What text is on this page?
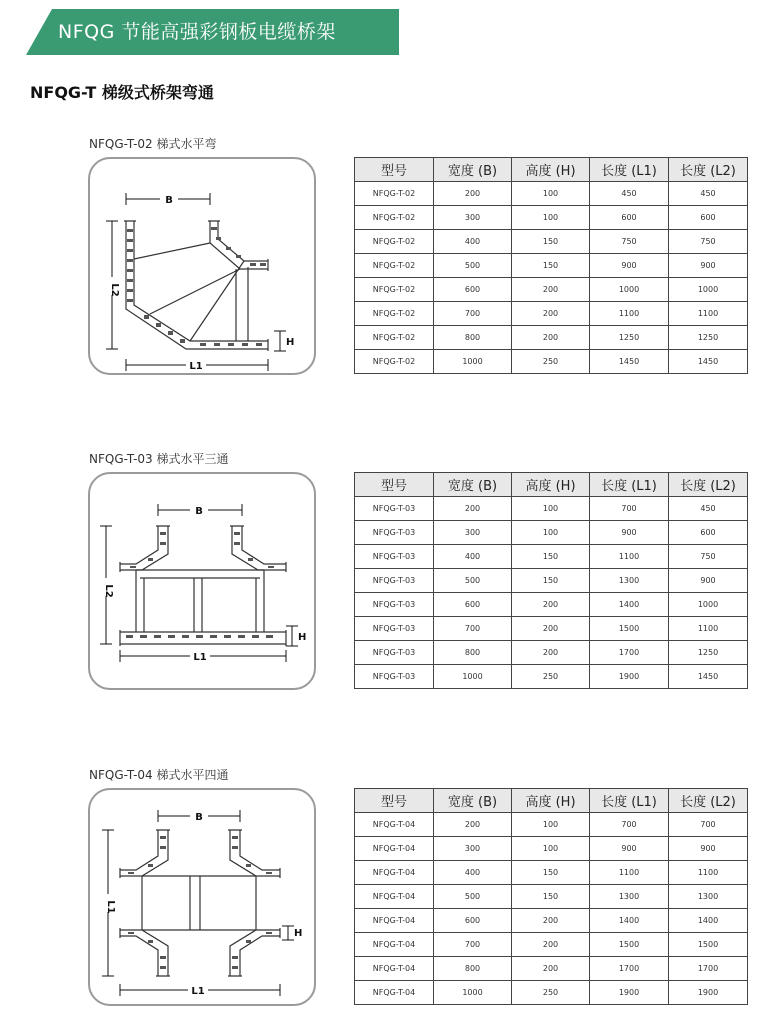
NFQG 节能高强彩钢板电缆桥架
NFQG-T 梯级式桥架弯通
NFQG-T-02 梯式水平弯
B
L2
L1
H
型号	宽度 (B)	高度 (H)	长度 (L1)	长度 (L2)
NFQG-T-02	200	100	450	450
NFQG-T-02	300	100	600	600
NFQG-T-02	400	150	750	750
NFQG-T-02	500	150	900	900
NFQG-T-02	600	200	1000	1000
NFQG-T-02	700	200	1100	1100
NFQG-T-02	800	200	1250	1250
NFQG-T-02	1000	250	1450	1450
NFQG-T-03 梯式水平三通
B
L2
L1
H
型号	宽度 (B)	高度 (H)	长度 (L1)	长度 (L2)
NFQG-T-03	200	100	700	450
NFQG-T-03	300	100	900	600
NFQG-T-03	400	150	1100	750
NFQG-T-03	500	150	1300	900
NFQG-T-03	600	200	1400	1000
NFQG-T-03	700	200	1500	1100
NFQG-T-03	800	200	1700	1250
NFQG-T-03	1000	250	1900	1450
NFQG-T-04 梯式水平四通
B
L1
L1
H
型号	宽度 (B)	高度 (H)	长度 (L1)	长度 (L2)
NFQG-T-04	200	100	700	700
NFQG-T-04	300	100	900	900
NFQG-T-04	400	150	1100	1100
NFQG-T-04	500	150	1300	1300
NFQG-T-04	600	200	1400	1400
NFQG-T-04	700	200	1500	1500
NFQG-T-04	800	200	1700	1700
NFQG-T-04	1000	250	1900	1900
